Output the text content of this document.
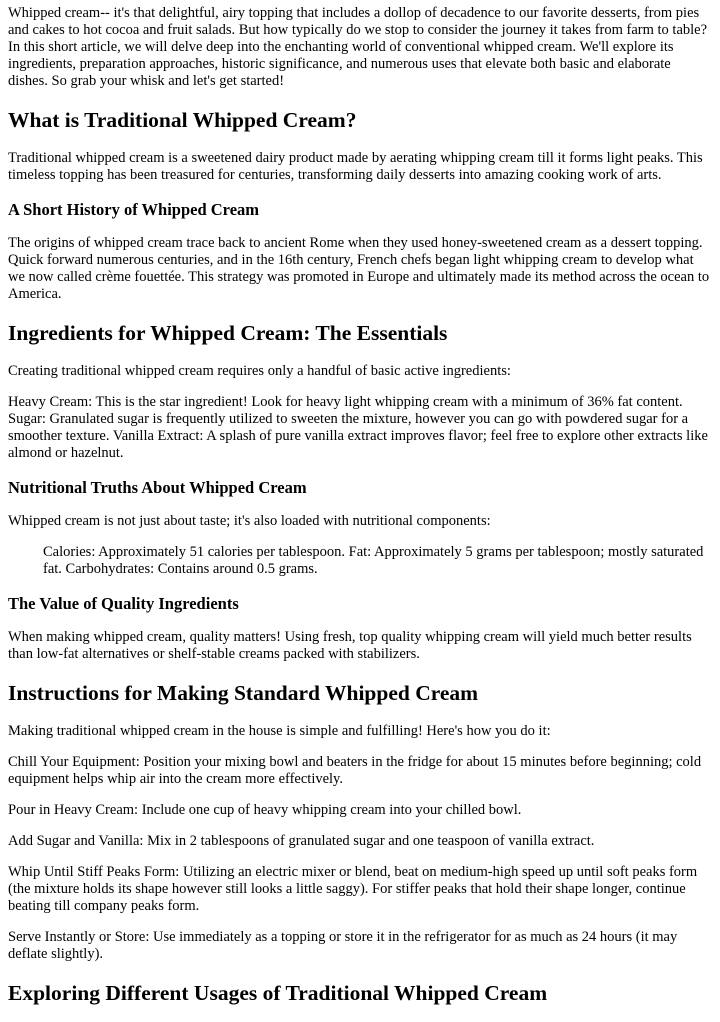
Whipped cream-- it's that delightful, airy topping that includes a dollop of decadence to our favorite desserts, from pies and cakes to hot cocoa and fruit salads. But how typically do we stop to consider the journey it takes from farm to table? In this short article, we will delve deep into the enchanting world of conventional whipped cream. We'll explore its ingredients, preparation approaches, historic significance, and numerous uses that elevate both basic and elaborate dishes. So grab your whisk and let's get started!

What is Traditional Whipped Cream?

Traditional whipped cream is a sweetened dairy product made by aerating whipping cream till it forms light peaks. This timeless topping has been treasured for centuries, transforming daily desserts into amazing cooking work of arts.

A Short History of Whipped Cream

The origins of whipped cream trace back to ancient Rome when they used honey-sweetened cream as a dessert topping. Quick forward numerous centuries, and in the 16th century, French chefs began light whipping cream to develop what we now called crème fouettée. This strategy was promoted in Europe and ultimately made its method across the ocean to America.

Ingredients for Whipped Cream: The Essentials

Creating traditional whipped cream requires only a handful of basic active ingredients:

Heavy Cream: This is the star ingredient! Look for heavy light whipping cream with a minimum of 36% fat content. Sugar: Granulated sugar is frequently utilized to sweeten the mixture, however you can go with powdered sugar for a smoother texture. Vanilla Extract: A splash of pure vanilla extract improves flavor; feel free to explore other extracts like almond or hazelnut.

Nutritional Truths About Whipped Cream

Whipped cream is not just about taste; it's also loaded with nutritional components:

Calories: Approximately 51 calories per tablespoon. Fat: Approximately 5 grams per tablespoon; mostly saturated fat. Carbohydrates: Contains around 0.5 grams.
The Value of Quality Ingredients

When making whipped cream, quality matters! Using fresh, top quality whipping cream will yield much better results than low-fat alternatives or shelf-stable creams packed with stabilizers.

Instructions for Making Standard Whipped Cream

Making traditional whipped cream in the house is simple and fulfilling! Here's how you do it:

Chill Your Equipment: Position your mixing bowl and beaters in the fridge for about 15 minutes before beginning; cold equipment helps whip air into the cream more effectively.

Pour in Heavy Cream: Include one cup of heavy whipping cream into your chilled bowl.

Add Sugar and Vanilla: Mix in 2 tablespoons of granulated sugar and one teaspoon of vanilla extract.

Whip Until Stiff Peaks Form: Utilizing an electric mixer or blend, beat on medium-high speed up until soft peaks form (the mixture holds its shape however still looks a little saggy). For stiffer peaks that hold their shape longer, continue beating till company peaks form.

Serve Instantly or Store: Use immediately as a topping or store it in the refrigerator for as much as 24 hours (it may deflate slightly).

Exploring Different Usages of Traditional Whipped Cream
